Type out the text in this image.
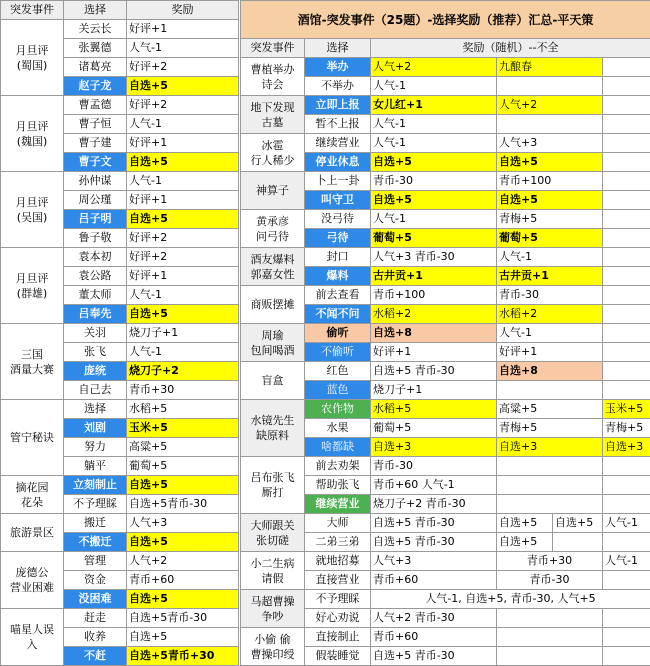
突发事件	选择	奖励
月旦评
(蜀国)	关云长	好评+1
	张翼德	人气-1
	诸葛亮	好评+2
	赵子龙	自选+5
月旦评
(魏国)	曹孟德	好评+2
	曹子恒	人气-1
	曹子建	好评+1
	曹子文	自选+5
月旦评
(吴国)	孙仲谋	人气-1
	周公瑾	好评+1
	吕子明	自选+5
	鲁子敬	好评+2
月旦评
(群雄)	袁本初	好评+2
	袁公路	好评+1
	董太师	人气-1
	吕奉先	自选+5
三国
酒量大赛	关羽	烧刀子+1
	张飞	人气-1
	庞统	烧刀子+2
	自己去	青币+30
管宁秘诀	选择	水稻+5
	刘剧	玉米+5
	努力	高粱+5
	躺平	葡萄+5
摘花园
花朵	立刻制止	自选+5
	不予理睬	自选+5青币-30
旅游景区	搬迁	人气+3
	不搬迁	自选+5
庞德公
营业困难	管理	人气+2
	资金	青币+60
	没困难	自选+5
喵星人误
入	赶走	自选+5青币-30
	收养	自选+5
	不赶	自选+5青币+30
酒馆-突发事件（25题）-选择奖励（推荐）汇总-平天策					
突发事件	选择	奖励（随机）--不全			
曹植举办
诗会	举办	人气+2	九酿春		
	不举办	人气-1			
地下发现
古墓	立即上报	女儿红+1	人气+2		
	暂不上报	人气-1			
冰雹
行人稀少	继续营业	人气-1	人气+3		
	停业休息	自选+5	自选+5		
神算子	卜上一卦	青币-30	青币+100		
	叫守卫	自选+5	自选+5		
黄承彦
问弓待	没弓待	人气-1	青梅+5		
	弓待	葡萄+5	葡萄+5		
酒友爆料
郭嘉女性	封口	人气+3 青币-30	人气-1		
	爆料	古井贡+1	古井贡+1		
商贩摆摊	前去查看	青币+100	青币-30		
	不闻不问	水稻+2	水稻+2		
周瑜
包间喝酒	偷听	自选+8	人气-1		
	不偷听	好评+1	好评+1		
盲盒	红色	自选+5 青币-30	自选+8		
	蓝色	烧刀子+1			
水镜先生
缺原料	农作物	水稻+5	高粱+5		玉米+5
	水果	葡萄+5	青梅+5		青梅+5
	啥都缺	自选+3	自选+3		自选+3
吕布张飞
厮打	前去劝架	青币-30			
	帮助张飞	青币+60 人气-1			
	继续营业	烧刀子+2 青币-30			
大师跟关
张切磋	大师	自选+5 青币-30	自选+5	自选+5	人气-1
	二弟三弟	自选+5 青币-30	自选+5		
小二生病
请假	就地招募	人气+3	青币+30		人气-1
	直接营业	青币+60	青币-30		
马超曹操
争吵	不予理睬	人气-1, 自选+5, 青币-30, 人气+5			
	好心劝说	人气+2 青币-30			
小偷 偷
曹操印绶	直接制止	青币+60			
	假装睡觉	自选+5 青币-30			
